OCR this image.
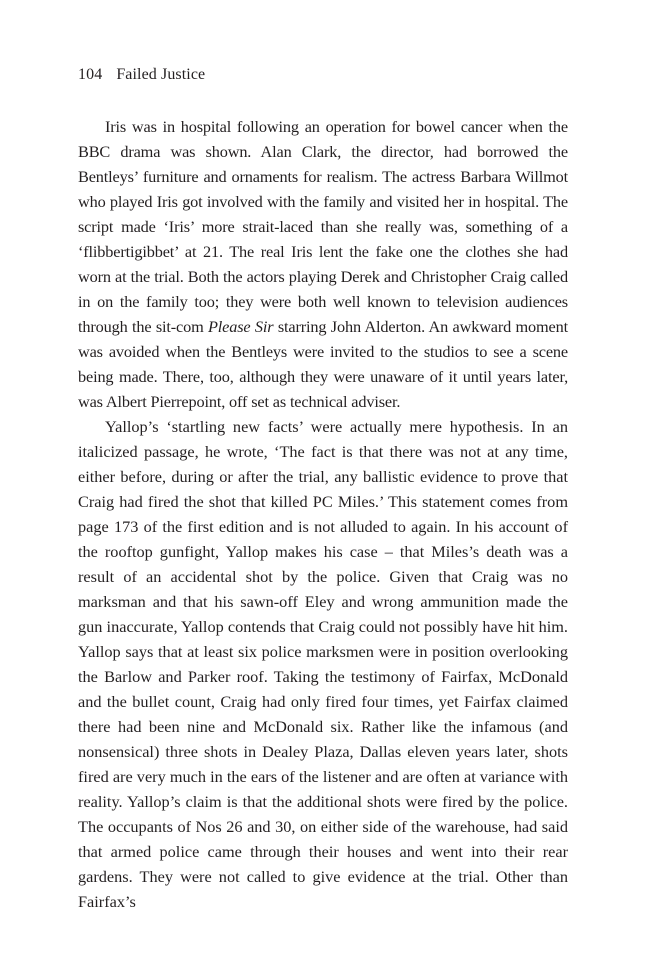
104 Failed Justice

Iris was in hospital following an operation for bowel cancer when the BBC drama was shown. Alan Clark, the director, had borrowed the Bentleys’ furniture and ornaments for realism. The actress Barbara Willmot who played Iris got involved with the family and visited her in hospital. The script made ‘Iris’ more strait-laced than she really was, something of a ‘flibbertigibbet’ at 21. The real Iris lent the fake one the clothes she had worn at the trial. Both the actors playing Derek and Christopher Craig called in on the family too; they were both well known to television audiences through the sit-com Please Sir starring John Alderton. An awkward moment was avoided when the Bentleys were invited to the studios to see a scene being made. There, too, although they were unaware of it until years later, was Albert Pierrepoint, off set as technical adviser.

Yallop’s ‘startling new facts’ were actually mere hypothesis. In an italicized passage, he wrote, ‘The fact is that there was not at any time, either before, during or after the trial, any ballistic evidence to prove that Craig had fired the shot that killed PC Miles.’ This statement comes from page 173 of the first edition and is not alluded to again. In his account of the rooftop gunfight, Yallop makes his case – that Miles’s death was a result of an accidental shot by the police. Given that Craig was no marksman and that his sawn-off Eley and wrong ammunition made the gun inaccurate, Yallop contends that Craig could not possibly have hit him. Yallop says that at least six police marksmen were in position overlooking the Barlow and Parker roof. Taking the testimony of Fairfax, McDonald and the bullet count, Craig had only fired four times, yet Fairfax claimed there had been nine and McDonald six. Rather like the infamous (and nonsensical) three shots in Dealey Plaza, Dallas eleven years later, shots fired are very much in the ears of the listener and are often at variance with reality. Yallop’s claim is that the additional shots were fired by the police. The occupants of Nos 26 and 30, on either side of the warehouse, had said that armed police came through their houses and went into their rear gardens. They were not called to give evidence at the trial. Other than Fairfax’s
